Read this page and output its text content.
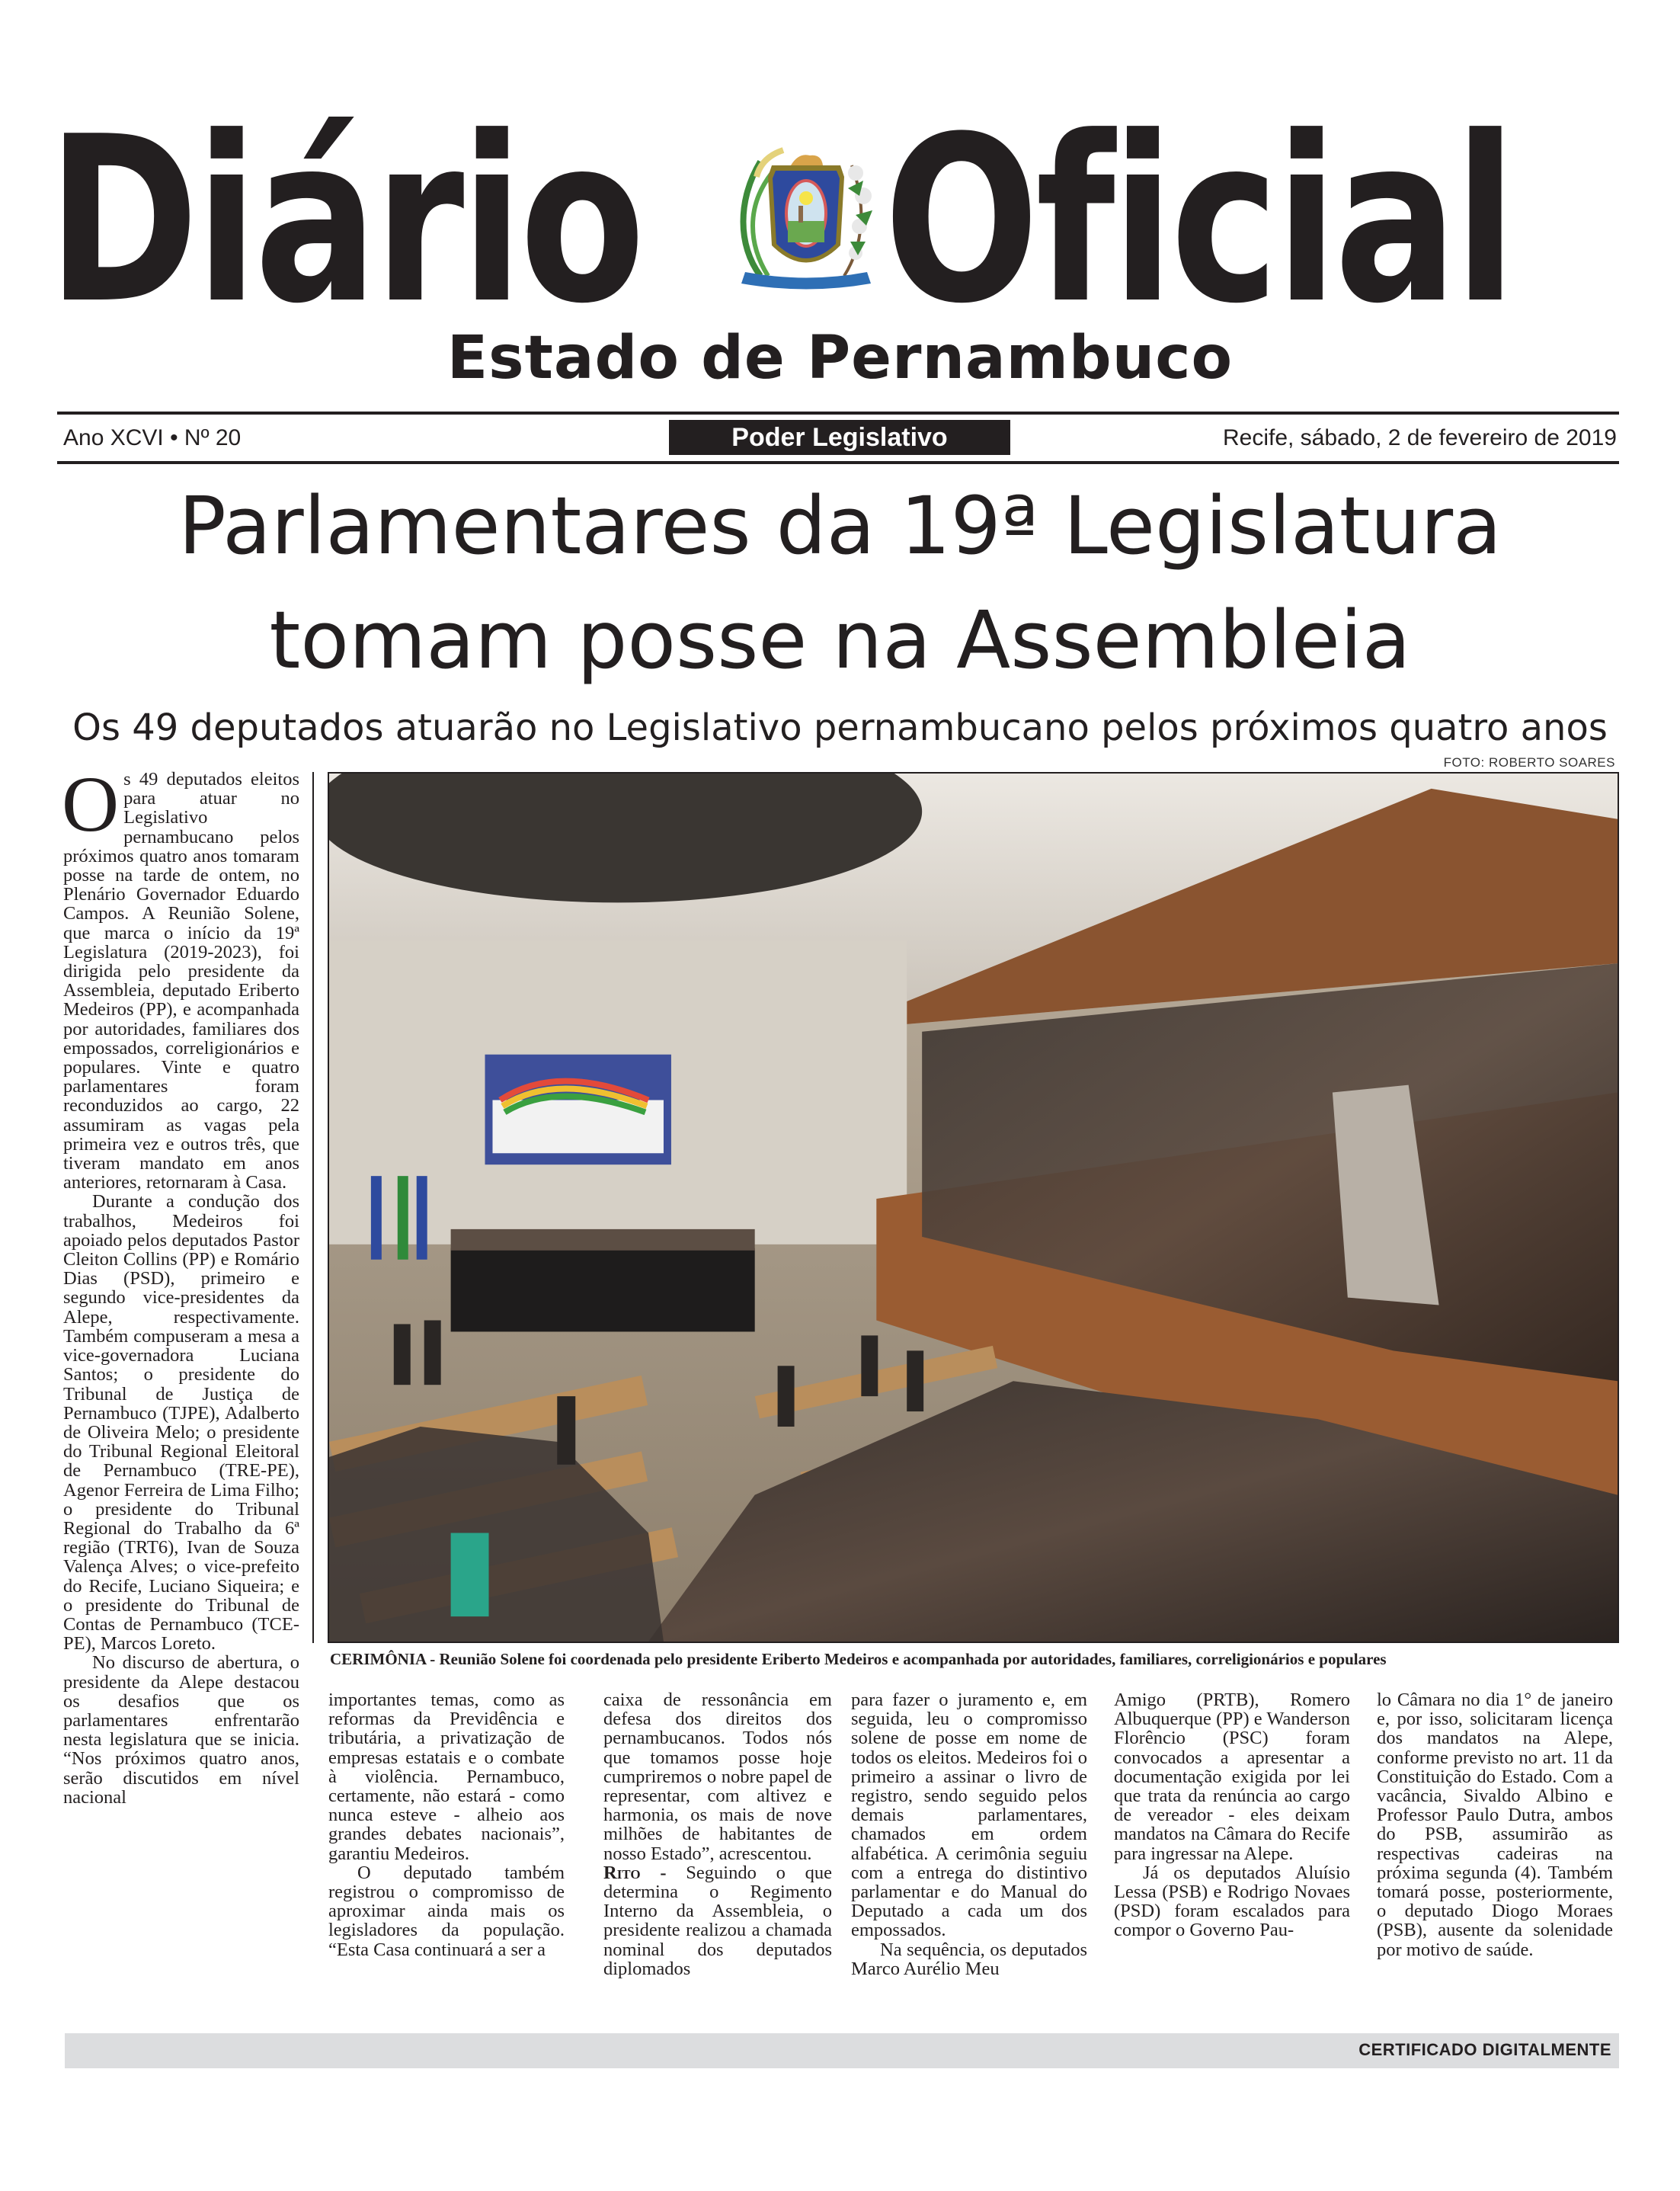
Diário Oficial
Estado de Pernambuco
Ano XCVI • Nº 20	Poder Legislativo	Recife, sábado, 2 de fevereiro de 2019
Parlamentares da 19ª Legislatura
tomam posse na Assembleia
Os 49 deputados atuarão no Legislativo pernambucano pelos próximos quatro anos
FOTO: ROBERTO SOARES

Os 49 deputados eleitos para atuar no Legislativo pernambucano pelos próximos quatro anos tomaram posse na tarde de ontem, no Plenário Governador Eduardo Campos. A Reunião Solene, que marca o início da 19ª Legislatura (2019-2023), foi dirigida pelo presidente da Assembleia, deputado Eriberto Medeiros (PP), e acompanhada por autoridades, familiares dos empossados, correligionários e populares. Vinte e quatro parlamentares foram reconduzidos ao cargo, 22 assumiram as vagas pela primeira vez e outros três, que tiveram mandato em anos anteriores, retornaram à Casa.

Durante a condução dos trabalhos, Medeiros foi apoiado pelos deputados Pastor Cleiton Collins (PP) e Romário Dias (PSD), primeiro e segundo vice-presidentes da Alepe, respectivamente. Também compuseram a mesa a vice-governadora Luciana Santos; o presidente do Tribunal de Justiça de Pernambuco (TJPE), Adalberto de Oliveira Melo; o presidente do Tribunal Regional Eleitoral de Pernambuco (TRE-PE), Agenor Ferreira de Lima Filho; o presidente do Tribunal Regional do Trabalho da 6ª região (TRT6), Ivan de Souza Valença Alves; o vice-prefeito do Recife, Luciano Siqueira; e o presidente do Tribunal de Contas de Pernambuco (TCE-PE), Marcos Loreto.

No discurso de abertura, o presidente da Alepe destacou os desafios que os parlamentares enfrentarão nesta legislatura que se inicia. “Nos próximos quatro anos, serão discutidos em nível nacional

CERIMÔNIA - Reunião Solene foi coordenada pelo presidente Eriberto Medeiros e acompanhada por autoridades, familiares, correligionários e populares

importantes temas, como as reformas da Previdência e tributária, a privatização de empresas estatais e o combate à violência. Pernambuco, certamente, não estará - como nunca esteve - alheio aos grandes debates nacionais”, garantiu Medeiros.

O deputado também registrou o compromisso de aproximar ainda mais os legisladores da população. “Esta Casa continuará a ser a

caixa de ressonância em defesa dos direitos dos pernambucanos. Todos nós que tomamos posse hoje cumpriremos o nobre papel de representar, com altivez e harmonia, os mais de nove milhões de habitantes de nosso Estado”, acrescentou.

Rito - Seguindo o que determina o Regimento Interno da Assembleia, o presidente realizou a chamada nominal dos deputados diplomados

para fazer o juramento e, em seguida, leu o compromisso solene de posse em nome de todos os eleitos. Medeiros foi o primeiro a assinar o livro de registro, sendo seguido pelos demais parlamentares, chamados em ordem alfabética. A cerimônia seguiu com a entrega do distintivo parlamentar e do Manual do Deputado a cada um dos empossados.

Na sequência, os deputados Marco Aurélio Meu

Amigo (PRTB), Romero Albuquerque (PP) e Wanderson Florêncio (PSC) foram convocados a apresentar a documentação exigida por lei que trata da renúncia ao cargo de vereador - eles deixam mandatos na Câmara do Recife para ingressar na Alepe.

Já os deputados Aluísio Lessa (PSB) e Rodrigo Novaes (PSD) foram escalados para compor o Governo Pau-

lo Câmara no dia 1° de janeiro e, por isso, solicitaram licença dos mandatos na Alepe, conforme previsto no art. 11 da Constituição do Estado. Com a vacância, Sivaldo Albino e Professor Paulo Dutra, ambos do PSB, assumirão as respectivas cadeiras na próxima segunda (4). Também tomará posse, posteriormente, o deputado Diogo Moraes (PSB), ausente da solenidade por motivo de saúde.

CERTIFICADO DIGITALMENTE
